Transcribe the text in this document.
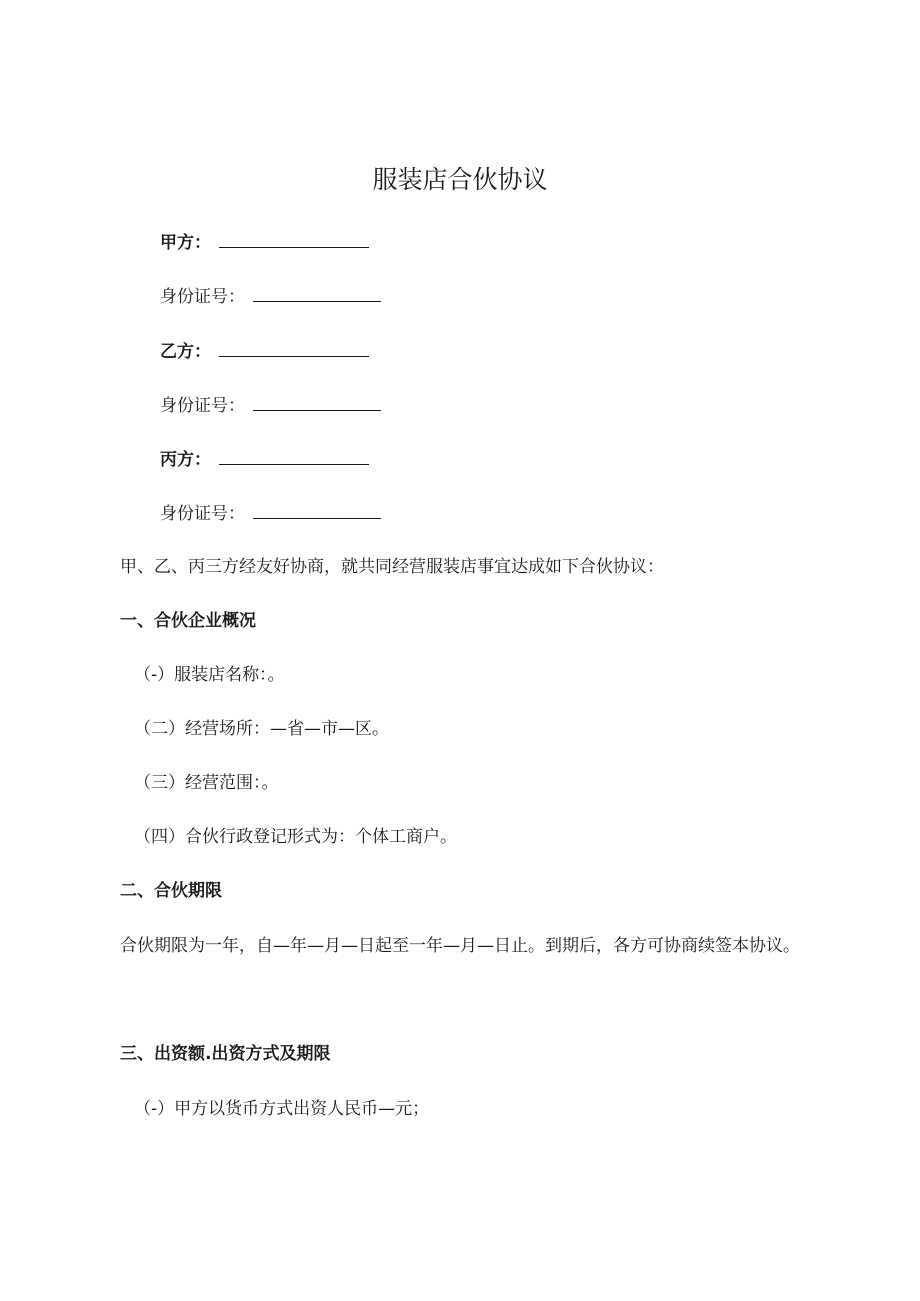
服装店合伙协议
甲方：
身份证号：
乙方：
身份证号：
丙方：
身份证号：
甲、乙、丙三方经友好协商，就共同经营服装店事宜达成如下合伙协议：
一、合伙企业概况
（-）服装店名称：。
（二）经营场所：—省—市—区。
（三）经营范围：。
（四）合伙行政登记形式为：个体工商户。
二、合伙期限
合伙期限为一年，自—年—月—日起至一年—月—日止。到期后，各方可协商续签本协议。
三、出资额.出资方式及期限
（-）甲方以货币方式出资人民币—元；
